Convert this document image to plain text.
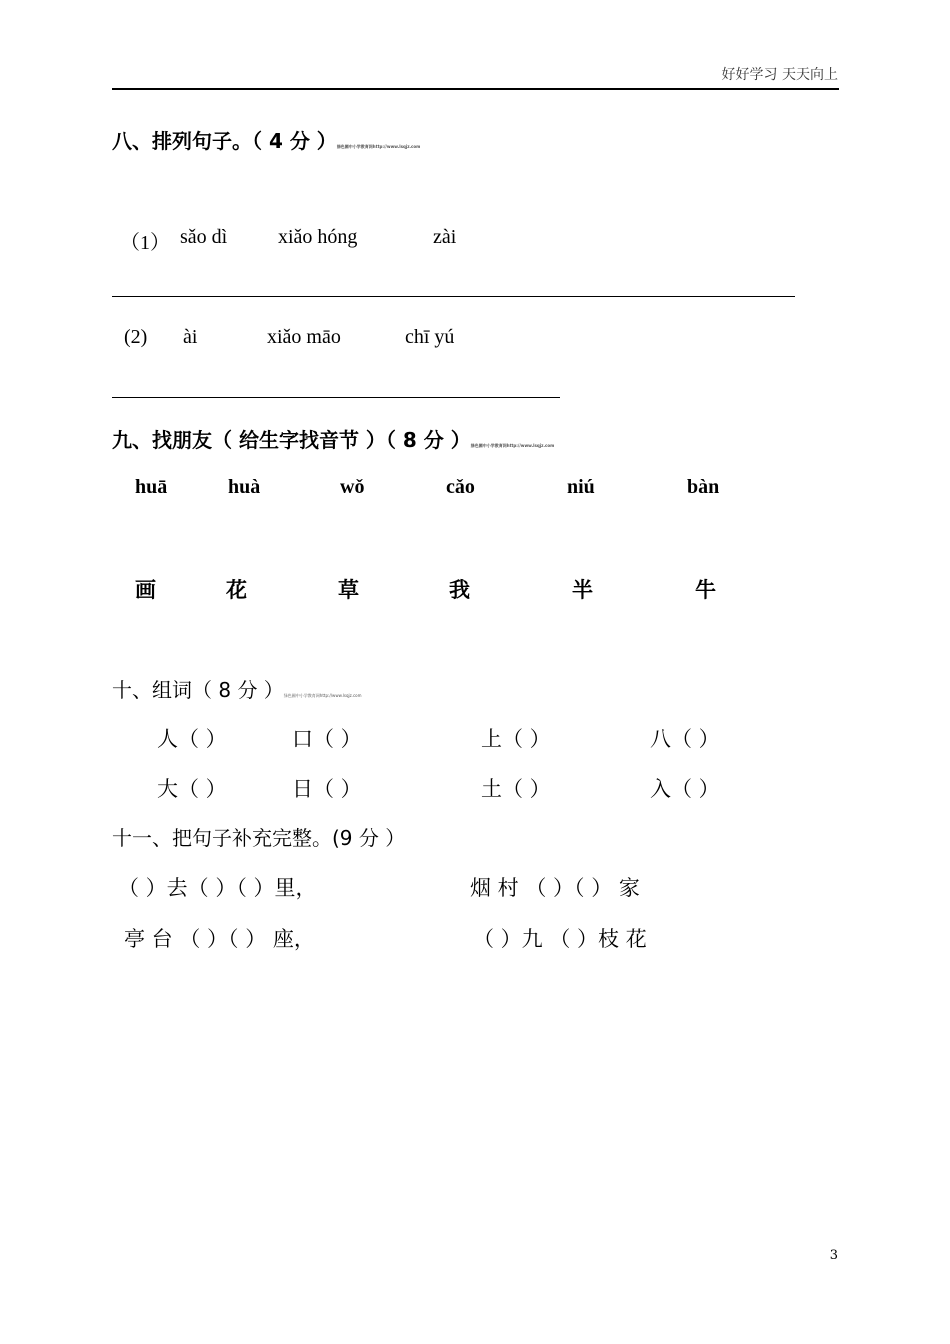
好好学习 天天向上
八、排列句子。（ 4 分 ）绿色圃中小学教育网http://www.lsqjz.com
（1） sǎo dì	xiǎo hóng	zài
(2) ài	xiǎo māo	chī yú
九、找朋友（ 给生字找音节 ）（ 8 分 ）绿色圃中小学教育网http://www.lsqjz.com
huā	huà	wǒ	cǎo	niú	bàn
画	花	草	我	半	牛
十、组词（ 8 分 ）绿色圃中小学教育网http://www.lsqjz.com
人（ ）	口（ ）	上（ ）	八（ ）
大（ ）	日（ ）	土（ ）	入（ ）
十一、把句子补充完整。(9 分 ）
（ ）去（ ）（ ）里，	烟 村 （ ）（ ） 家
亭 台 （ ）（ ） 座，	（ ）九 （ ）枝 花
3
